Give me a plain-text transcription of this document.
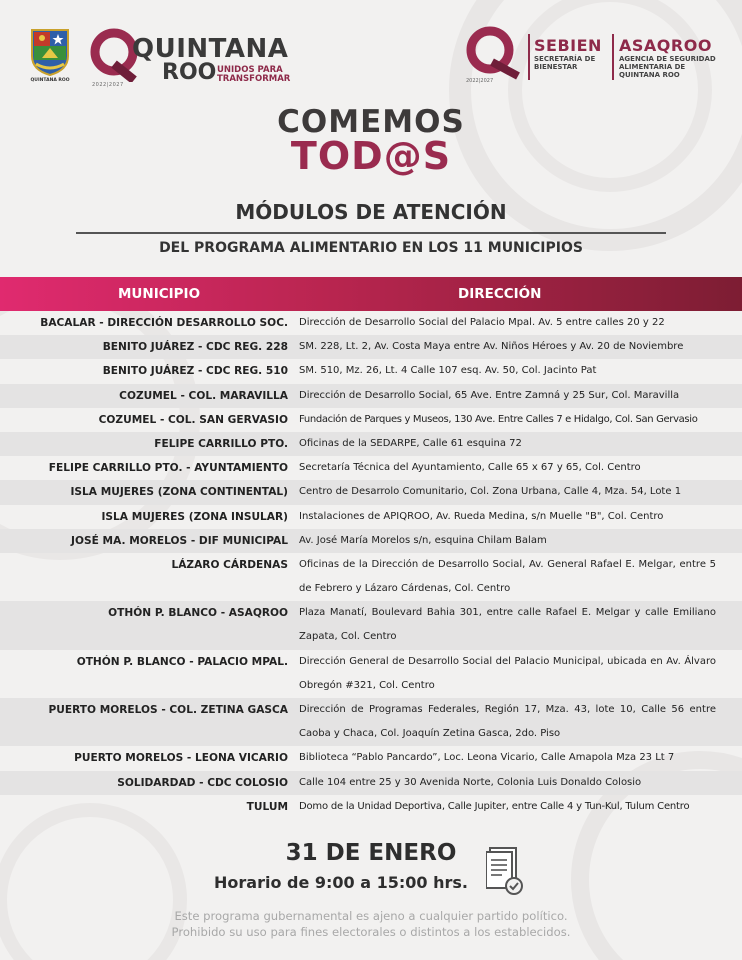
QUINTANA ROO
QUINTANA
ROO UNIDOS PARA
TRANSFORMAR
2022|2027
2022|2027
SEBIEN
SECRETARÍA DE
BIENESTAR
ASAQROO
AGENCIA DE SEGURIDAD
ALIMENTARIA DE
QUINTANA ROO
COMEMOS
TOD@S
MÓDULOS DE ATENCIÓN
DEL PROGRAMA ALIMENTARIO EN LOS 11 MUNICIPIOS
MUNICIPIO	DIRECCIÓN
BACALAR - DIRECCIÓN DESARROLLO SOC.	Dirección de Desarrollo Social del Palacio Mpal. Av. 5 entre calles 20 y 22
BENITO JUÁREZ - CDC REG. 228	SM. 228, Lt. 2, Av. Costa Maya entre Av. Niños Héroes y Av. 20 de Noviembre
BENITO JUÁREZ - CDC REG. 510	SM. 510, Mz. 26, Lt. 4 Calle 107 esq. Av. 50, Col. Jacinto Pat
COZUMEL - COL. MARAVILLA	Dirección de Desarrollo Social, 65 Ave. Entre Zamná y 25 Sur, Col. Maravilla
COZUMEL - COL. SAN GERVASIO	Fundación de Parques y Museos, 130 Ave. Entre Calles 7 e Hidalgo, Col. San Gervasio
FELIPE CARRILLO PTO.	Oficinas de la SEDARPE, Calle 61 esquina 72
FELIPE CARRILLO PTO. - AYUNTAMIENTO	Secretaría Técnica del Ayuntamiento, Calle 65 x 67 y 65, Col. Centro
ISLA MUJERES (ZONA CONTINENTAL)	Centro de Desarrolo Comunitario, Col. Zona Urbana, Calle 4, Mza. 54, Lote 1
ISLA MUJERES (ZONA INSULAR)	Instalaciones de APIQROO, Av. Rueda Medina, s/n Muelle "B", Col. Centro
JOSÉ MA. MORELOS - DIF MUNICIPAL	Av. José María Morelos s/n, esquina Chilam Balam
LÁZARO CÁRDENAS	Oficinas de la Dirección de Desarrollo Social, Av. General Rafael E. Melgar, entre 5 de Febrero y Lázaro Cárdenas, Col. Centro
OTHÓN P. BLANCO - ASAQROO	Plaza Manatí, Boulevard Bahia 301, entre calle Rafael E. Melgar y calle Emiliano Zapata, Col. Centro
OTHÓN P. BLANCO - PALACIO MPAL.	Dirección General de Desarrollo Social del Palacio Municipal, ubicada en Av. Álvaro Obregón #321, Col. Centro
PUERTO MORELOS - COL. ZETINA GASCA	Dirección de Programas Federales, Región 17, Mza. 43, lote 10, Calle 56 entre Caoba y Chaca, Col. Joaquín Zetina Gasca, 2do. Piso
PUERTO MORELOS - LEONA VICARIO	Biblioteca “Pablo Pancardo”, Loc. Leona Vicario, Calle Amapola Mza 23 Lt 7
SOLIDARDAD - CDC COLOSIO	Calle 104 entre 25 y 30 Avenida Norte, Colonia Luis Donaldo Colosio
TULUM	Domo de la Unidad Deportiva, Calle Jupiter, entre Calle 4 y Tun-Kul, Tulum Centro
31 DE ENERO
Horario de 9:00 a 15:00 hrs.
Este programa gubernamental es ajeno a cualquier partido político.
Prohibido su uso para fines electorales o distintos a los establecidos.
